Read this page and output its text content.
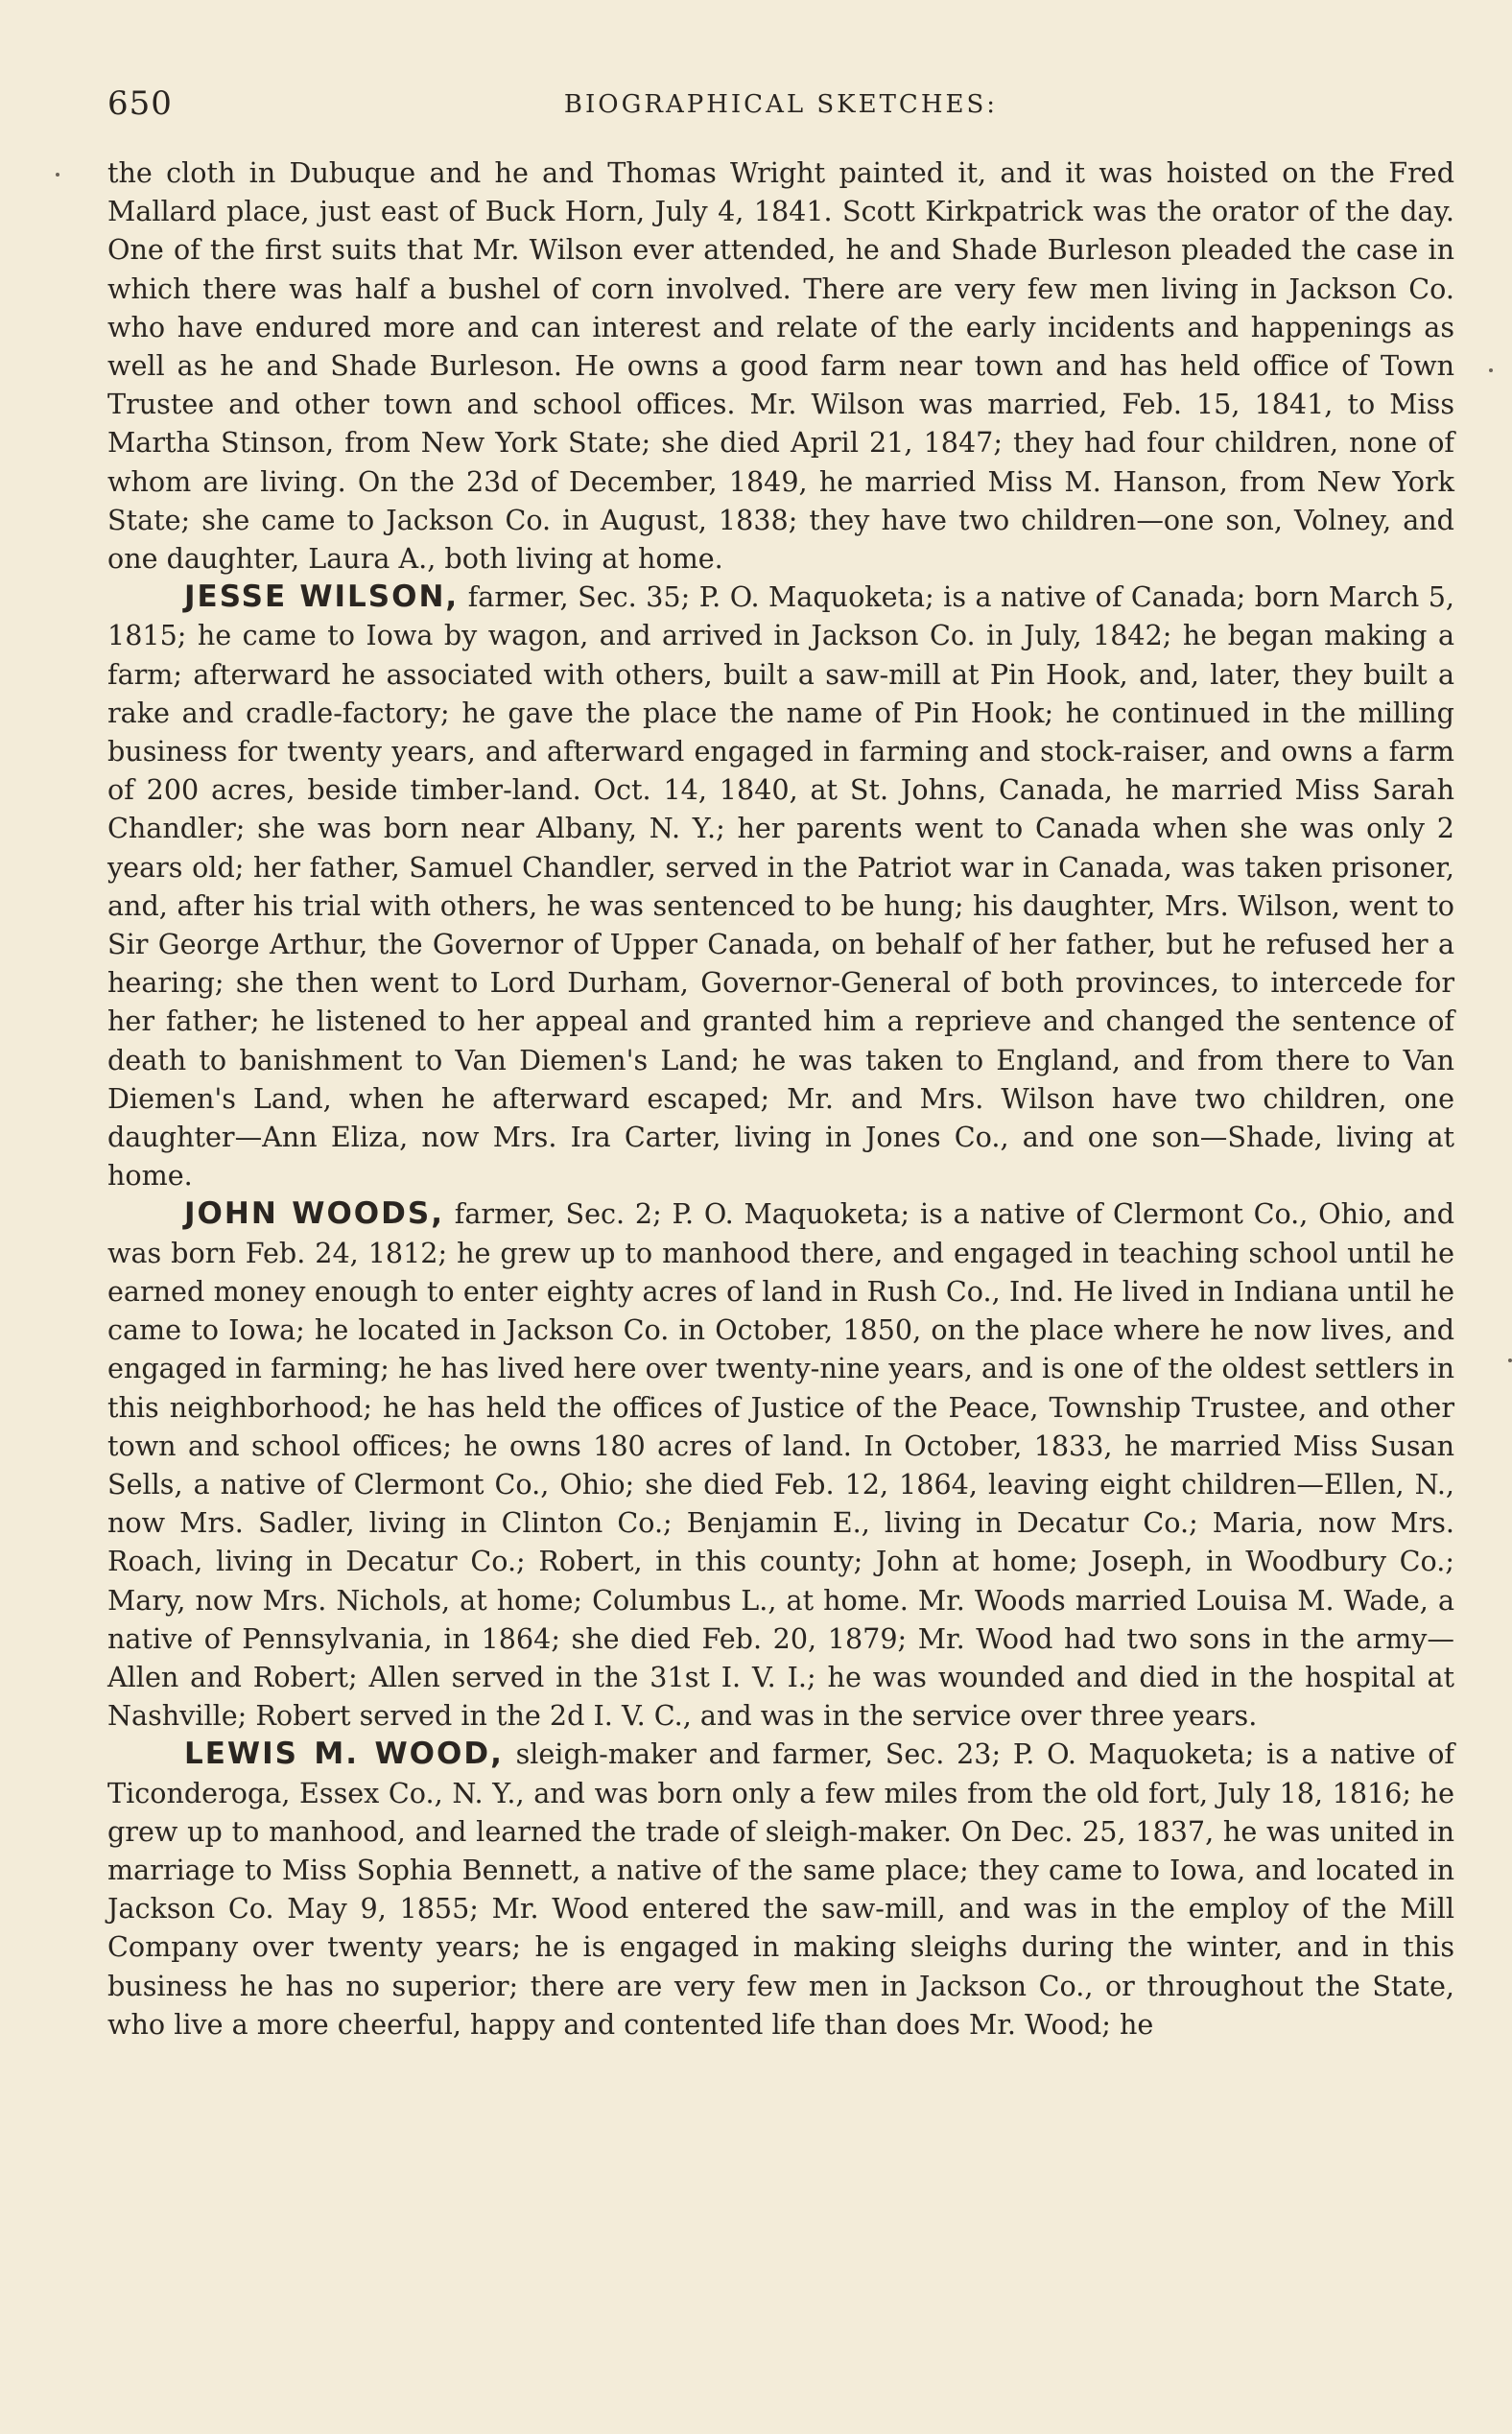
650	BIOGRAPHICAL SKETCHES:

the cloth in Dubuque and he and Thomas Wright painted it, and it was hoisted on the Fred Mallard place, just east of Buck Horn, July 4, 1841. Scott Kirkpatrick was the orator of the day. One of the first suits that Mr. Wilson ever attended, he and Shade Burleson pleaded the case in which there was half a bushel of corn involved. There are very few men living in Jackson Co. who have endured more and can interest and relate of the early incidents and happenings as well as he and Shade Burleson. He owns a good farm near town and has held office of Town Trustee and other town and school offices. Mr. Wilson was married, Feb. 15, 1841, to Miss Martha Stinson, from New York State; she died April 21, 1847; they had four children, none of whom are living. On the 23d of December, 1849, he married Miss M. Hanson, from New York State; she came to Jackson Co. in August, 1838; they have two children—one son, Volney, and one daughter, Laura A., both living at home.

JESSE WILSON, farmer, Sec. 35; P. O. Maquoketa; is a native of Canada; born March 5, 1815; he came to Iowa by wagon, and arrived in Jackson Co. in July, 1842; he began making a farm; afterward he associated with others, built a saw-mill at Pin Hook, and, later, they built a rake and cradle-factory; he gave the place the name of Pin Hook; he continued in the milling business for twenty years, and afterward engaged in farming and stock-raiser, and owns a farm of 200 acres, beside timber-land. Oct. 14, 1840, at St. Johns, Canada, he married Miss Sarah Chandler; she was born near Albany, N. Y.; her parents went to Canada when she was only 2 years old; her father, Samuel Chandler, served in the Patriot war in Canada, was taken prisoner, and, after his trial with others, he was sentenced to be hung; his daughter, Mrs. Wilson, went to Sir George Arthur, the Governor of Upper Canada, on behalf of her father, but he refused her a hearing; she then went to Lord Durham, Governor-General of both provinces, to intercede for her father; he listened to her appeal and granted him a reprieve and changed the sentence of death to banishment to Van Diemen's Land; he was taken to England, and from there to Van Diemen's Land, when he afterward escaped; Mr. and Mrs. Wilson have two children, one daughter—Ann Eliza, now Mrs. Ira Carter, living in Jones Co., and one son—Shade, living at home.

JOHN WOODS, farmer, Sec. 2; P. O. Maquoketa; is a native of Clermont Co., Ohio, and was born Feb. 24, 1812; he grew up to manhood there, and engaged in teaching school until he earned money enough to enter eighty acres of land in Rush Co., Ind. He lived in Indiana until he came to Iowa; he located in Jackson Co. in October, 1850, on the place where he now lives, and engaged in farming; he has lived here over twenty-nine years, and is one of the oldest settlers in this neighborhood; he has held the offices of Justice of the Peace, Township Trustee, and other town and school offices; he owns 180 acres of land. In October, 1833, he married Miss Susan Sells, a native of Clermont Co., Ohio; she died Feb. 12, 1864, leaving eight children—Ellen, N., now Mrs. Sadler, living in Clinton Co.; Benjamin E., living in Decatur Co.; Maria, now Mrs. Roach, living in Decatur Co.; Robert, in this county; John at home; Joseph, in Woodbury Co.; Mary, now Mrs. Nichols, at home; Columbus L., at home. Mr. Woods married Louisa M. Wade, a native of Pennsylvania, in 1864; she died Feb. 20, 1879; Mr. Wood had two sons in the army—Allen and Robert; Allen served in the 31st I. V. I.; he was wounded and died in the hospital at Nashville; Robert served in the 2d I. V. C., and was in the service over three years.

LEWIS M. WOOD, sleigh-maker and farmer, Sec. 23; P. O. Maquoketa; is a native of Ticonderoga, Essex Co., N. Y., and was born only a few miles from the old fort, July 18, 1816; he grew up to manhood, and learned the trade of sleigh-maker. On Dec. 25, 1837, he was united in marriage to Miss Sophia Bennett, a native of the same place; they came to Iowa, and located in Jackson Co. May 9, 1855; Mr. Wood entered the saw-mill, and was in the employ of the Mill Company over twenty years; he is engaged in making sleighs during the winter, and in this business he has no superior; there are very few men in Jackson Co., or throughout the State, who live a more cheerful, happy and contented life than does Mr. Wood; he
